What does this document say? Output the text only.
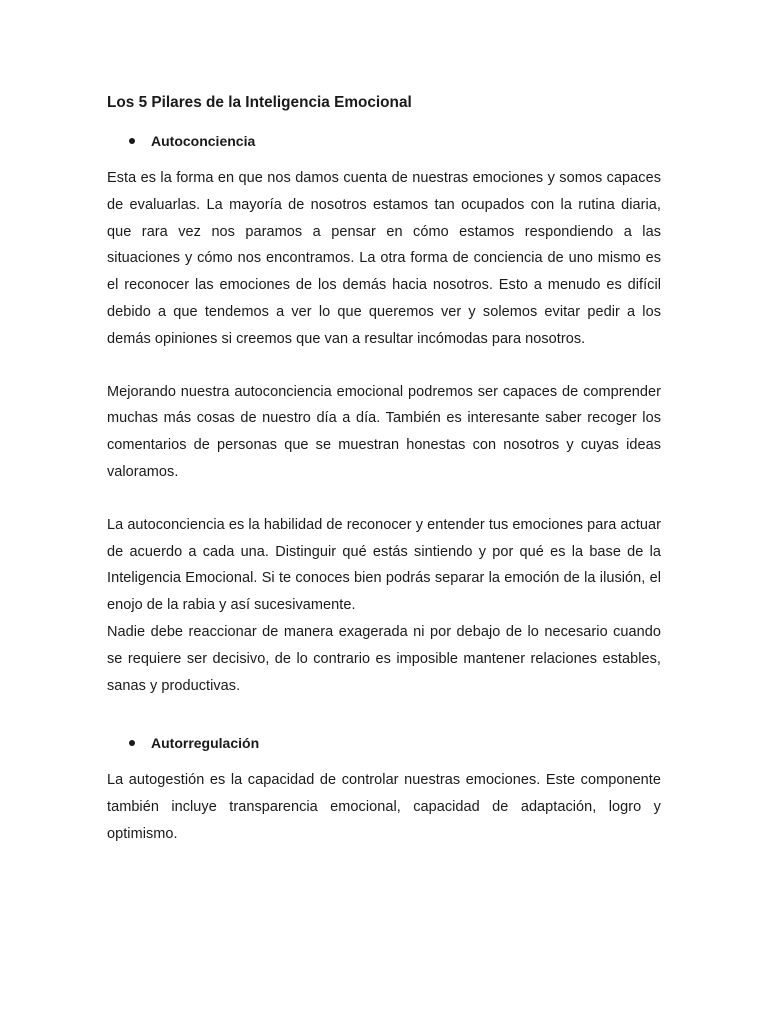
Los 5 Pilares de la Inteligencia Emocional
Autoconciencia

Esta es la forma en que nos damos cuenta de nuestras emociones y somos capaces de evaluarlas. La mayoría de nosotros estamos tan ocupados con la rutina diaria, que rara vez nos paramos a pensar en cómo estamos respondiendo a las situaciones y cómo nos encontramos. La otra forma de conciencia de uno mismo es el reconocer las emociones de los demás hacia nosotros. Esto a menudo es difícil debido a que tendemos a ver lo que queremos ver y solemos evitar pedir a los demás opiniones si creemos que van a resultar incómodas para nosotros.

Mejorando nuestra autoconciencia emocional podremos ser capaces de comprender muchas más cosas de nuestro día a día. También es interesante saber recoger los comentarios de personas que se muestran honestas con nosotros y cuyas ideas valoramos.

La autoconciencia es la habilidad de reconocer y entender tus emociones para actuar de acuerdo a cada una. Distinguir qué estás sintiendo y por qué es la base de la Inteligencia Emocional. Si te conoces bien podrás separar la emoción de la ilusión, el enojo de la rabia y así sucesivamente.

Nadie debe reaccionar de manera exagerada ni por debajo de lo necesario cuando se requiere ser decisivo, de lo contrario es imposible mantener relaciones estables, sanas y productivas.

Autorregulación

La autogestión es la capacidad de controlar nuestras emociones. Este componente también incluye transparencia emocional, capacidad de adaptación, logro y optimismo.
